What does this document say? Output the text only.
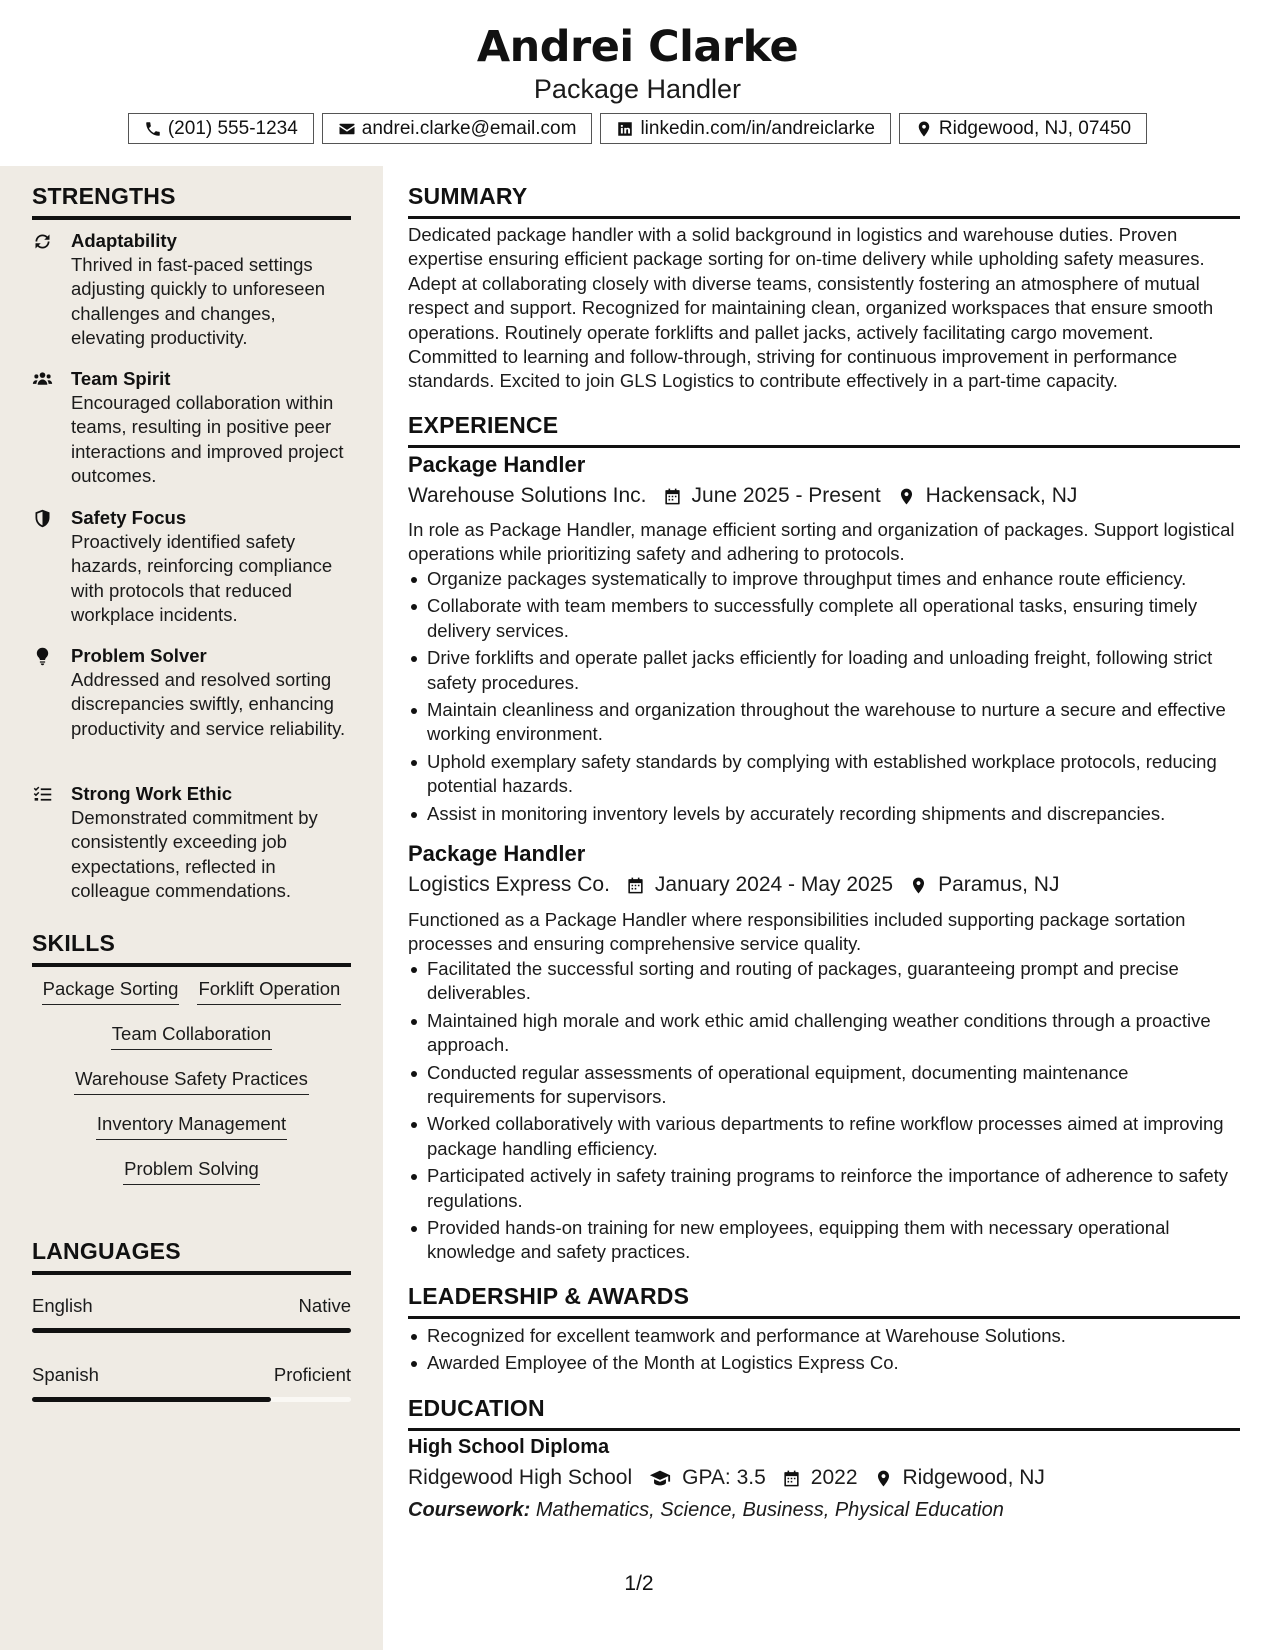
Andrei Clarke
Package Handler
(201) 555-1234	andrei.clarke@email.com	linkedin.com/in/andreiclarke	Ridgewood, NJ, 07450
STRENGTHS
Adaptability
Thrived in fast-paced settings adjusting quickly to unforeseen challenges and changes, elevating productivity.
Team Spirit
Encouraged collaboration within teams, resulting in positive peer interactions and improved project outcomes.
Safety Focus
Proactively identified safety hazards, reinforcing compliance with protocols that reduced workplace incidents.
Problem Solver
Addressed and resolved sorting discrepancies swiftly, enhancing productivity and service reliability.
Strong Work Ethic
Demonstrated commitment by consistently exceeding job expectations, reflected in colleague commendations.
SKILLS
Package Sorting Forklift Operation
Team Collaboration
Warehouse Safety Practices
Inventory Management
Problem Solving
LANGUAGES
English	Native
Spanish	Proficient
SUMMARY
Dedicated package handler with a solid background in logistics and warehouse duties. Proven expertise ensuring efficient package sorting for on-time delivery while upholding safety measures. Adept at collaborating closely with diverse teams, consistently fostering an atmosphere of mutual respect and support. Recognized for maintaining clean, organized workspaces that ensure smooth operations. Routinely operate forklifts and pallet jacks, actively facilitating cargo movement. Committed to learning and follow-through, striving for continuous improvement in performance standards. Excited to join GLS Logistics to contribute effectively in a part-time capacity.
EXPERIENCE
Package Handler
Warehouse Solutions Inc. June 2025 - Present Hackensack, NJ
In role as Package Handler, manage efficient sorting and organization of packages. Support logistical operations while prioritizing safety and adhering to protocols.
Organize packages systematically to improve throughput times and enhance route efficiency.
Collaborate with team members to successfully complete all operational tasks, ensuring timely delivery services.
Drive forklifts and operate pallet jacks efficiently for loading and unloading freight, following strict safety procedures.
Maintain cleanliness and organization throughout the warehouse to nurture a secure and effective working environment.
Uphold exemplary safety standards by complying with established workplace protocols, reducing potential hazards.
Assist in monitoring inventory levels by accurately recording shipments and discrepancies.
Package Handler
Logistics Express Co. January 2024 - May 2025 Paramus, NJ
Functioned as a Package Handler where responsibilities included supporting package sortation processes and ensuring comprehensive service quality.
Facilitated the successful sorting and routing of packages, guaranteeing prompt and precise deliverables.
Maintained high morale and work ethic amid challenging weather conditions through a proactive approach.
Conducted regular assessments of operational equipment, documenting maintenance requirements for supervisors.
Worked collaboratively with various departments to refine workflow processes aimed at improving package handling efficiency.
Participated actively in safety training programs to reinforce the importance of adherence to safety regulations.
Provided hands-on training for new employees, equipping them with necessary operational knowledge and safety practices.
LEADERSHIP & AWARDS
Recognized for excellent teamwork and performance at Warehouse Solutions.
Awarded Employee of the Month at Logistics Express Co.
EDUCATION
High School Diploma
Ridgewood High School GPA: 3.5 2022 Ridgewood, NJ
Coursework: Mathematics, Science, Business, Physical Education
1/2
